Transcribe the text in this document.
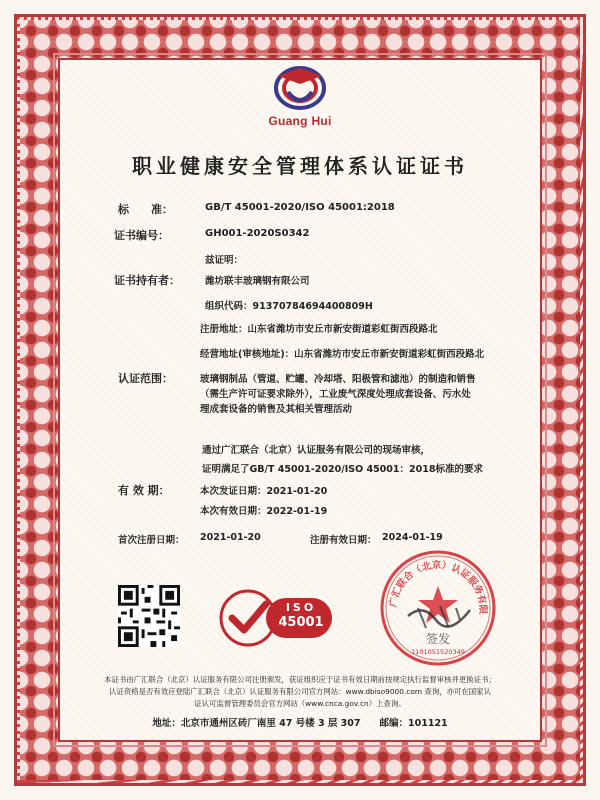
Guang Hui
职业健康安全管理体系认证证书
标　　准：	GB/T 45001-2020/ISO 45001:2018
证书编号：	GH001-2020S0342
兹证明：
证书持有者：	潍坊联丰玻璃钢有限公司
组织代码：91370784694400809H
注册地址：山东省潍坊市安丘市新安街道彩虹街西段路北
经营地址(审核地址)：山东省潍坊市安丘市新安街道彩虹街西段路北
认证范围：	玻璃钢制品（管道、贮罐、冷却塔、阳极管和滤池）的制造和销售
（需生产许可证要求除外），工业废气深度处理成套设备、污水处
理成套设备的销售及其相关管理活动
通过广汇联合（北京）认证服务有限公司的现场审核，
证明满足了GB/T 45001-2020/ISO 45001：2018标准的要求
有 效 期：	本次发证日期：2021-01-20
本次有效日期：2022-01-19
首次注册日期： 2021-01-20	注册有效日期： 2024-01-19
ISO
45001
广汇联合（北京）认证服务有限
签发
1101051520349
本证书由广汇联合（北京）认证服务有限公司注册颁发，获证组织应于证书有效日期前按规定执行监督审核并更换证书；
认证资格是否有效应登陆广汇联合（北京）认证服务有限公司官方网站：www.dbiso9000.com 查询，亦可在国家认
证认可监督管理委员会官方网站（www.cnca.gov.cn）上查询。
地址：北京市通州区砖厂南里 47 号楼 3 层 307　　邮编：101121
